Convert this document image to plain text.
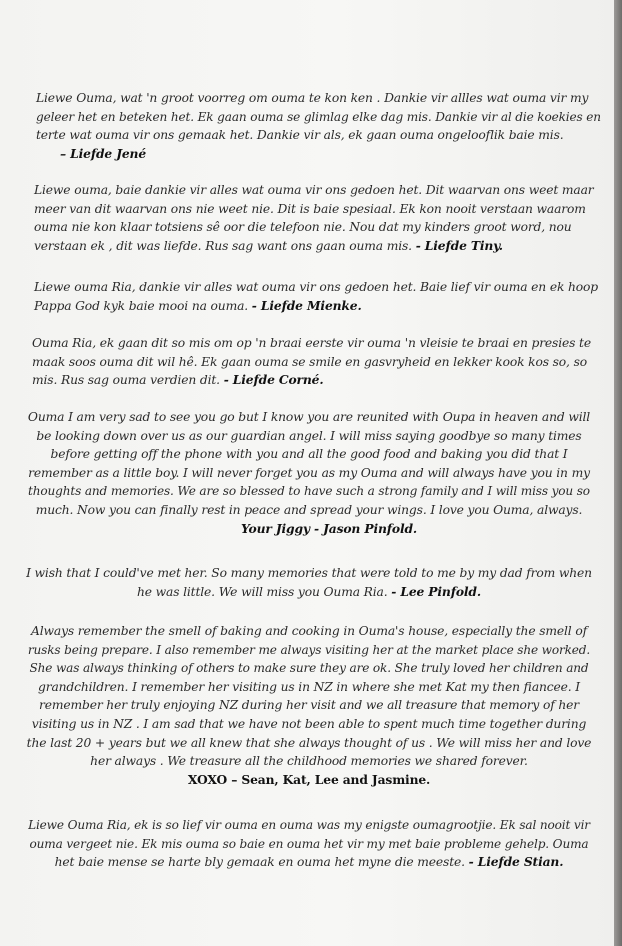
Liewe Ouma, wat 'n groot voorreg om ouma te kon ken . Dankie vir allles wat ouma vir my

geleer het en beteken het. Ek gaan ouma se glimlag elke dag mis. Dankie vir al die koekies en

terte wat ouma vir ons gemaak het. Dankie vir als, ek gaan ouma ongelooflik baie mis.

– Liefde Jené

Liewe ouma, baie dankie vir alles wat ouma vir ons gedoen het. Dit waarvan ons weet maar

meer van dit waarvan ons nie weet nie. Dit is baie spesiaal. Ek kon nooit verstaan waarom

ouma nie kon klaar totsiens sê oor die telefoon nie. Nou dat my kinders groot word, nou

verstaan ek , dit was liefde. Rus sag want ons gaan ouma mis. - Liefde Tiny.

Liewe ouma Ria, dankie vir alles wat ouma vir ons gedoen het. Baie lief vir ouma en ek hoop

Pappa God kyk baie mooi na ouma. - Liefde Mienke.

Ouma Ria, ek gaan dit so mis om op 'n braai eerste vir ouma 'n vleisie te braai en presies te

maak soos ouma dit wil hê. Ek gaan ouma se smile en gasvryheid en lekker kook kos so, so

mis. Rus sag ouma verdien dit. - Liefde Corné.

Ouma I am very sad to see you go but I know you are reunited with Oupa in heaven and will

be looking down over us as our guardian angel. I will miss saying goodbye so many times

before getting off the phone with you and all the good food and baking you did that I

remember as a little boy. I will never forget you as my Ouma and will always have you in my

thoughts and memories. We are so blessed to have such a strong family and I will miss you so

much. Now you can finally rest in peace and spread your wings. I love you Ouma, always.

Your Jiggy - Jason Pinfold.

I wish that I could've met her. So many memories that were told to me by my dad from when

he was little. We will miss you Ouma Ria. - Lee Pinfold.

Always remember the smell of baking and cooking in Ouma's house, especially the smell of

rusks being prepare. I also remember me always visiting her at the market place she worked.

She was always thinking of others to make sure they are ok. She truly loved her children and

grandchildren. I remember her visiting us in NZ in where she met Kat my then fiancee. I

remember her truly enjoying NZ during her visit and we all treasure that memory of her

visiting us in NZ . I am sad that we have not been able to spent much time together during

the last 20 + years but we all knew that she always thought of us . We will miss her and love

her always . We treasure all the childhood memories we shared forever.

XOXO – Sean, Kat, Lee and Jasmine.

Liewe Ouma Ria, ek is so lief vir ouma en ouma was my enigste oumagrootjie. Ek sal nooit vir

ouma vergeet nie. Ek mis ouma so baie en ouma het vir my met baie probleme gehelp. Ouma

het baie mense se harte bly gemaak en ouma het myne die meeste. - Liefde Stian.
